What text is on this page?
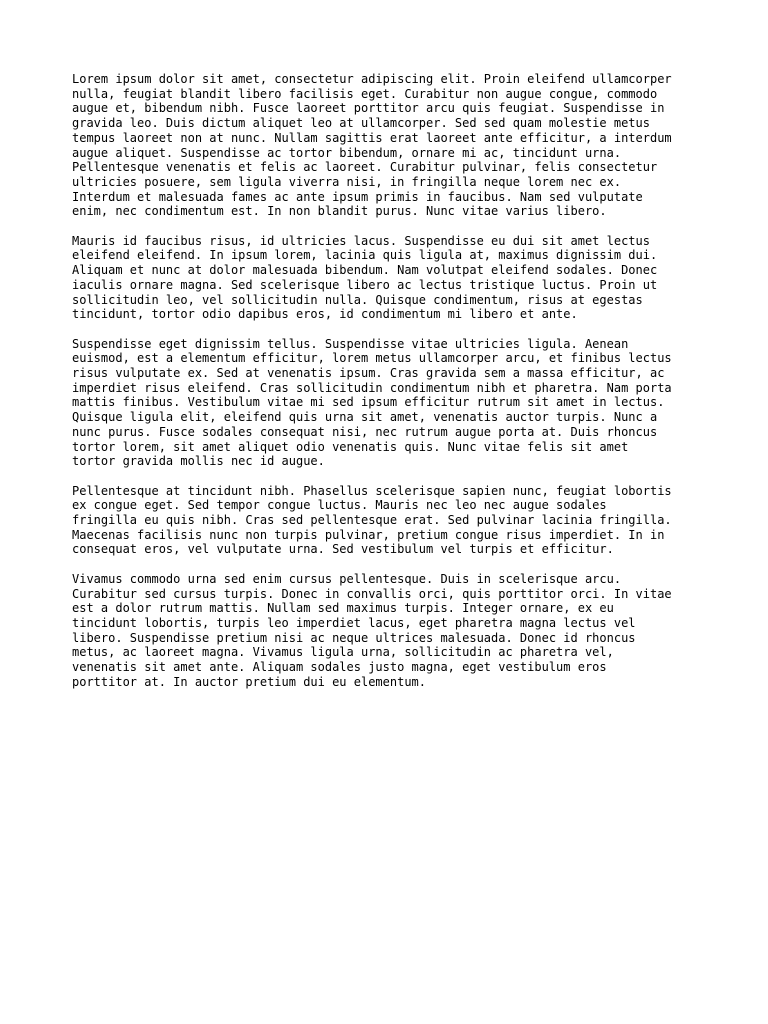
Lorem ipsum dolor sit amet, consectetur adipiscing elit. Proin eleifend ullamcorper
nulla, feugiat blandit libero facilisis eget. Curabitur non augue congue, commodo
augue et, bibendum nibh. Fusce laoreet porttitor arcu quis feugiat. Suspendisse in
gravida leo. Duis dictum aliquet leo at ullamcorper. Sed sed quam molestie metus
tempus laoreet non at nunc. Nullam sagittis erat laoreet ante efficitur, a interdum
augue aliquet. Suspendisse ac tortor bibendum, ornare mi ac, tincidunt urna.
Pellentesque venenatis et felis ac laoreet. Curabitur pulvinar, felis consectetur
ultricies posuere, sem ligula viverra nisi, in fringilla neque lorem nec ex.
Interdum et malesuada fames ac ante ipsum primis in faucibus. Nam sed vulputate
enim, nec condimentum est. In non blandit purus. Nunc vitae varius libero.

Mauris id faucibus risus, id ultricies lacus. Suspendisse eu dui sit amet lectus
eleifend eleifend. In ipsum lorem, lacinia quis ligula at, maximus dignissim dui.
Aliquam et nunc at dolor malesuada bibendum. Nam volutpat eleifend sodales. Donec
iaculis ornare magna. Sed scelerisque libero ac lectus tristique luctus. Proin ut
sollicitudin leo, vel sollicitudin nulla. Quisque condimentum, risus at egestas
tincidunt, tortor odio dapibus eros, id condimentum mi libero et ante.

Suspendisse eget dignissim tellus. Suspendisse vitae ultricies ligula. Aenean
euismod, est a elementum efficitur, lorem metus ullamcorper arcu, et finibus lectus
risus vulputate ex. Sed at venenatis ipsum. Cras gravida sem a massa efficitur, ac
imperdiet risus eleifend. Cras sollicitudin condimentum nibh et pharetra. Nam porta
mattis finibus. Vestibulum vitae mi sed ipsum efficitur rutrum sit amet in lectus.
Quisque ligula elit, eleifend quis urna sit amet, venenatis auctor turpis. Nunc a
nunc purus. Fusce sodales consequat nisi, nec rutrum augue porta at. Duis rhoncus
tortor lorem, sit amet aliquet odio venenatis quis. Nunc vitae felis sit amet
tortor gravida mollis nec id augue.

Pellentesque at tincidunt nibh. Phasellus scelerisque sapien nunc, feugiat lobortis
ex congue eget. Sed tempor congue luctus. Mauris nec leo nec augue sodales
fringilla eu quis nibh. Cras sed pellentesque erat. Sed pulvinar lacinia fringilla.
Maecenas facilisis nunc non turpis pulvinar, pretium congue risus imperdiet. In in
consequat eros, vel vulputate urna. Sed vestibulum vel turpis et efficitur.

Vivamus commodo urna sed enim cursus pellentesque. Duis in scelerisque arcu.
Curabitur sed cursus turpis. Donec in convallis orci, quis porttitor orci. In vitae
est a dolor rutrum mattis. Nullam sed maximus turpis. Integer ornare, ex eu
tincidunt lobortis, turpis leo imperdiet lacus, eget pharetra magna lectus vel
libero. Suspendisse pretium nisi ac neque ultrices malesuada. Donec id rhoncus
metus, ac laoreet magna. Vivamus ligula urna, sollicitudin ac pharetra vel,
venenatis sit amet ante. Aliquam sodales justo magna, eget vestibulum eros
porttitor at. In auctor pretium dui eu elementum.
